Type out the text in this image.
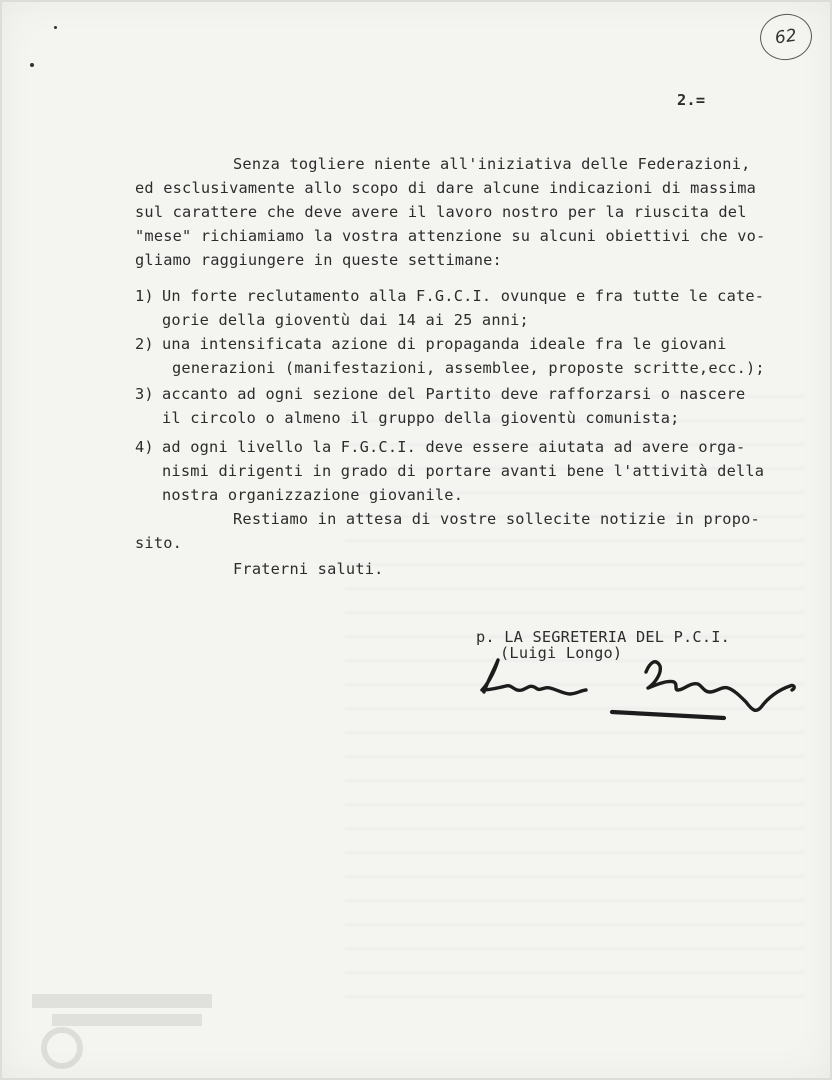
62
2.=
Senza togliere niente all'iniziativa delle Federazioni,
ed esclusivamente allo scopo di dare alcune indicazioni di massima
sul carattere che deve avere il lavoro nostro per la riuscita del
"mese" richiamiamo la vostra attenzione su alcuni obiettivi che vo-
gliamo raggiungere in queste settimane:
1) Un forte reclutamento alla F.G.C.I. ovunque e fra tutte le cate-
gorie della gioventù dai 14 ai 25 anni;
2) una intensificata azione di propaganda ideale fra le giovani
generazioni (manifestazioni, assemblee, proposte scritte,ecc.);
3) accanto ad ogni sezione del Partito deve rafforzarsi o nascere
il circolo o almeno il gruppo della gioventù comunista;
4) ad ogni livello la F.G.C.I. deve essere aiutata ad avere orga-
nismi dirigenti in grado di portare avanti bene l'attività della
nostra organizzazione giovanile.
Restiamo in attesa di vostre sollecite notizie in propo-
sito.
Fraterni saluti.
p. LA SEGRETERIA DEL P.C.I.
(Luigi Longo)
